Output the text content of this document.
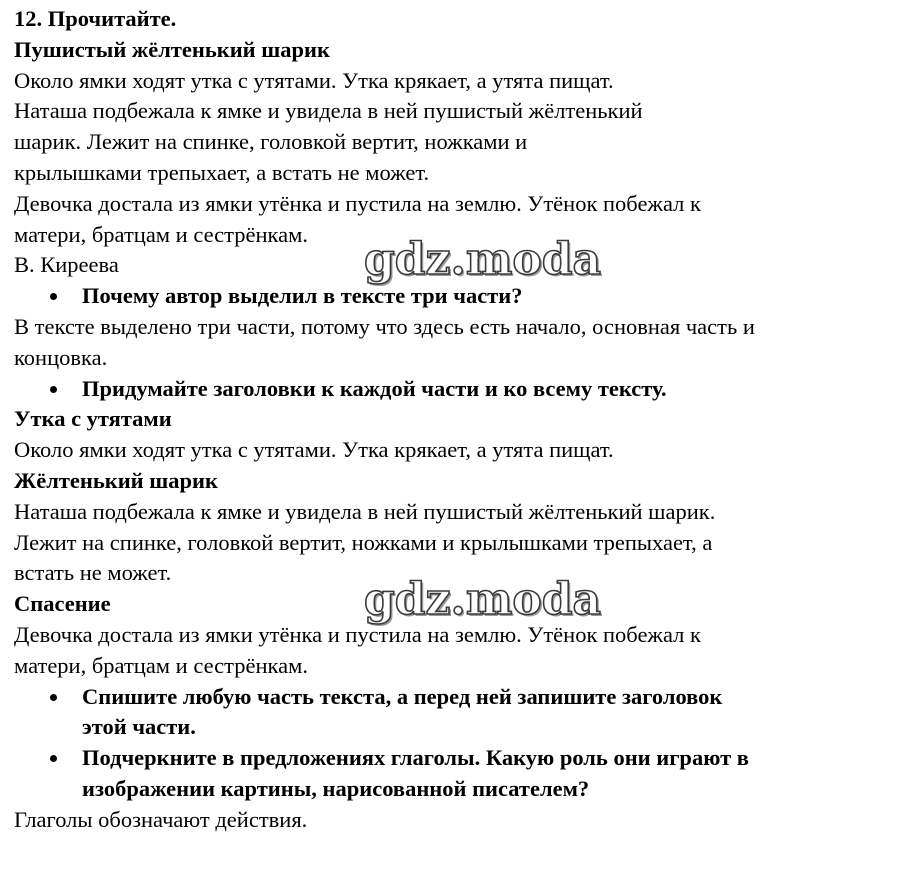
12. Прочитайте.

Пушистый жёлтенький шарик

Около ямки ходят утка с утятами. Утка крякает, а утята пищат.

Наташа подбежала к ямке и увидела в ней пушистый жёлтенький

шарик. Лежит на спинке, головкой вертит, ножками и

крылышками трепыхает, а встать не может.

Девочка достала из ямки утёнка и пустила на землю. Утёнок побежал к

матери, братцам и сестрёнкам.

В. Киреева

Почему автор выделил в тексте три части?

В тексте выделено три части, потому что здесь есть начало, основная часть и

концовка.

Придумайте заголовки к каждой части и ко всему тексту.

Утка с утятами

Около ямки ходят утка с утятами. Утка крякает, а утята пищат.

Жёлтенький шарик

Наташа подбежала к ямке и увидела в ней пушистый жёлтенький шарик.

Лежит на спинке, головкой вертит, ножками и крылышками трепыхает, а

встать не может.

Спасение

Девочка достала из ямки утёнка и пустила на землю. Утёнок побежал к

матери, братцам и сестрёнкам.

Спишите любую часть текста, а перед ней запишите заголовок
этой части.
Подчеркните в предложениях глаголы. Какую роль они играют в
изображении картины, нарисованной писателем?

Глаголы обозначают действия.

gdz.moda
gdz.moda
